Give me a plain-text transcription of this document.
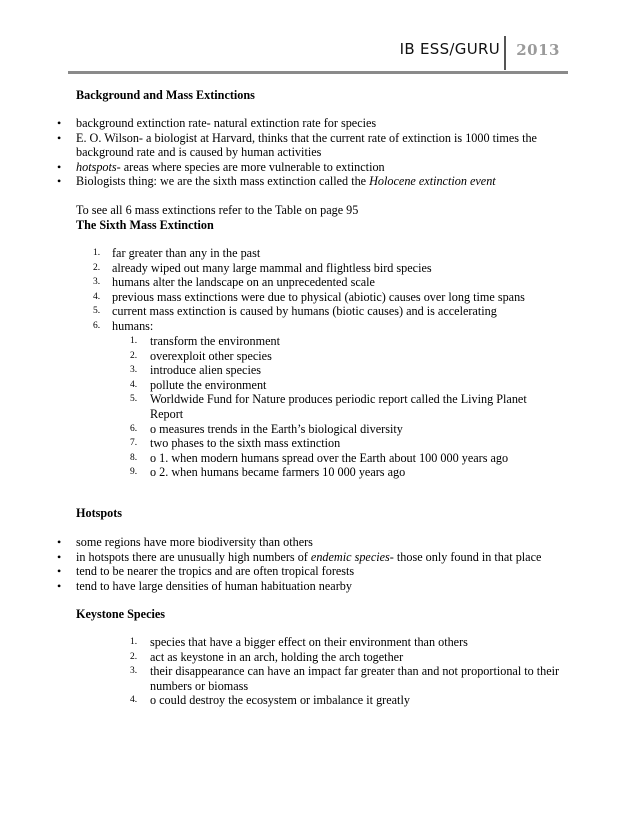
IB ESS/GURU 2013
Background and Mass Extinctions
• background extinction rate- natural extinction rate for species
• E. O. Wilson- a biologist at Harvard, thinks that the current rate of extinction is 1000 times the background rate and is caused by human activities
• hotspots- areas where species are more vulnerable to extinction
• Biologists thing: we are the sixth mass extinction called the Holocene extinction event
To see all 6 mass extinctions refer to the Table on page 95
The Sixth Mass Extinction
1. far greater than any in the past
2. already wiped out many large mammal and flightless bird species
3. humans alter the landscape on an unprecedented scale
4. previous mass extinctions were due to physical (abiotic) causes over long time spans
5. current mass extinction is caused by humans (biotic causes) and is accelerating
6. humans:
1. transform the environment
2. overexploit other species
3. introduce alien species
4. pollute the environment
5. Worldwide Fund for Nature produces periodic report called the Living Planet Report
6. o measures trends in the Earth’s biological diversity
7. two phases to the sixth mass extinction
8. o 1. when modern humans spread over the Earth about 100 000 years ago
9. o 2. when humans became farmers 10 000 years ago
Hotspots
• some regions have more biodiversity than others
• in hotspots there are unusually high numbers of endemic species- those only found in that place
• tend to be nearer the tropics and are often tropical forests
• tend to have large densities of human habituation nearby
Keystone Species
1. species that have a bigger effect on their environment than others
2. act as keystone in an arch, holding the arch together
3. their disappearance can have an impact far greater than and not proportional to their numbers or biomass
4. o could destroy the ecosystem or imbalance it greatly
